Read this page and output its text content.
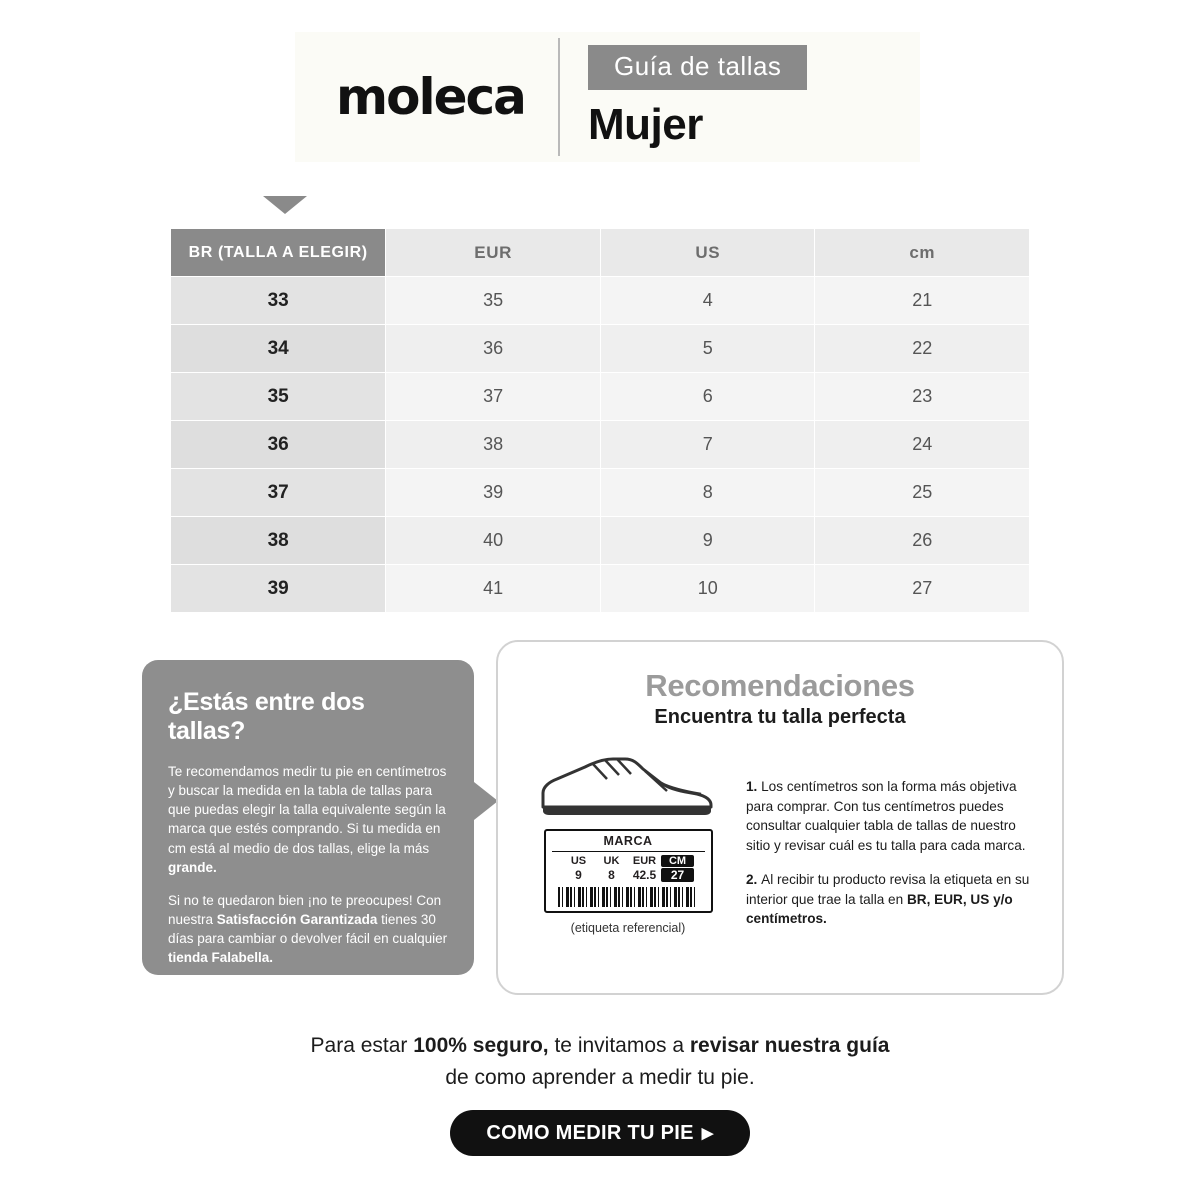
moleca
Guía de tallas
Mujer
BR (TALLA A ELEGIR)	EUR	US	cm
33	35	4	21
34	36	5	22
35	37	6	23
36	38	7	24
37	39	8	25
38	40	9	26
39	41	10	27
¿Estás entre dos tallas?

Te recomendamos medir tu pie en centímetros y buscar la medida en la tabla de tallas para que puedas elegir la talla equivalente según la marca que estés comprando. Si tu medida en cm está al medio de dos tallas, elige la más grande.

Si no te quedaron bien ¡no te preocupes! Con nuestra Satisfacción Garantizada tienes 30 días para cambiar o devolver fácil en cualquier tienda Falabella.

*Desde el 16.08.2022
Recomendaciones
Encuentra tu talla perfecta
MARCA
US	UK	EUR	CM
9	8	42.5	27
(etiqueta referencial)

1. Los centímetros son la forma más objetiva para comprar. Con tus centímetros puedes consultar cualquier tabla de tallas de nuestro sitio y revisar cuál es tu talla para cada marca.

2. Al recibir tu producto revisa la etiqueta en su interior que trae la talla en BR, EUR, US y/o centímetros.

Para estar 100% seguro, te invitamos a revisar nuestra guía
de como aprender a medir tu pie.
COMO MEDIR TU PIE ▶
